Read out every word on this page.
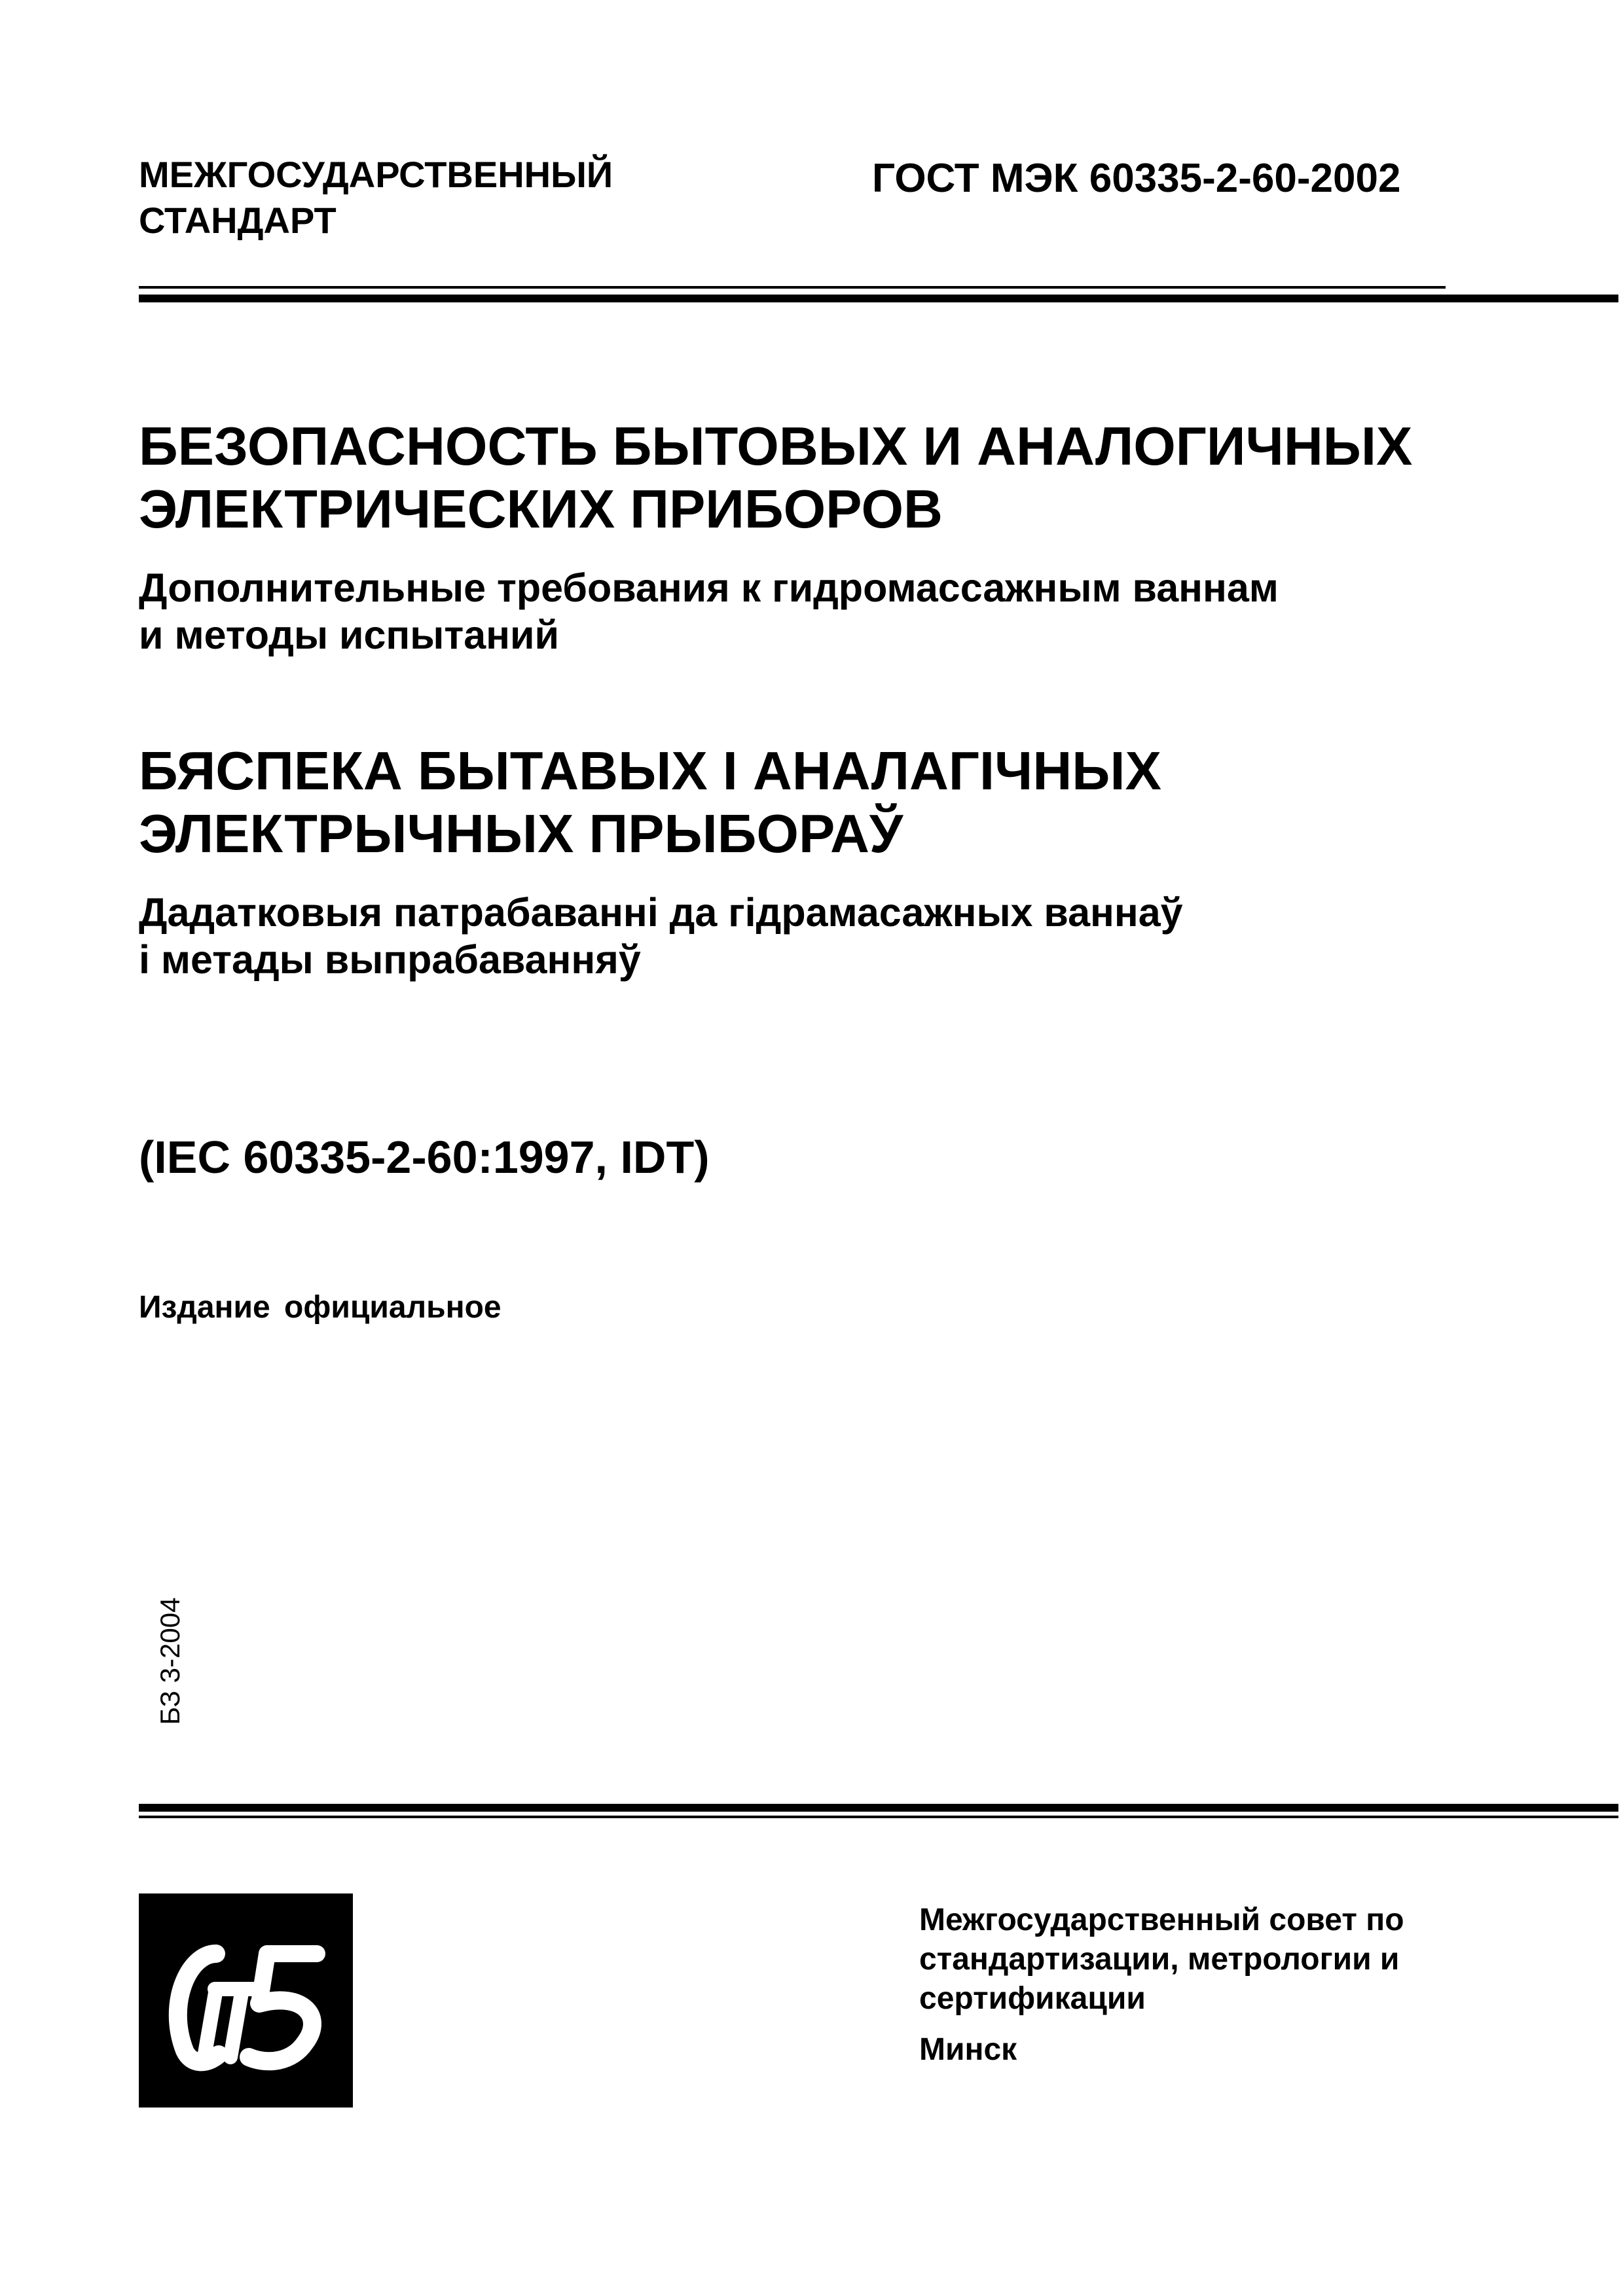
МЕЖГОСУДАРСТВЕННЫЙ
СТАНДАРТ
ГОСТ МЭК 60335-2-60-2002
БЕЗОПАСНОСТЬ БЫТОВЫХ И АНАЛОГИЧНЫХ
ЭЛЕКТРИЧЕСКИХ ПРИБОРОВ
Дополнительные требования к гидромассажным ваннам
и методы испытаний
БЯСПЕКА БЫТАВЫХ І АНАЛАГІЧНЫХ
ЭЛЕКТРЫЧНЫХ ПРЫБОРАЎ
Дадатковыя патрабаванні да гідрамасажных ваннаў
і метады выпрабаванняў
(IEC 60335-2-60:1997, IDT)
Издание официальное
БЗ 3-2004
Межгосударственный совет по
стандартизации, метрологии и
сертификации
Минск
